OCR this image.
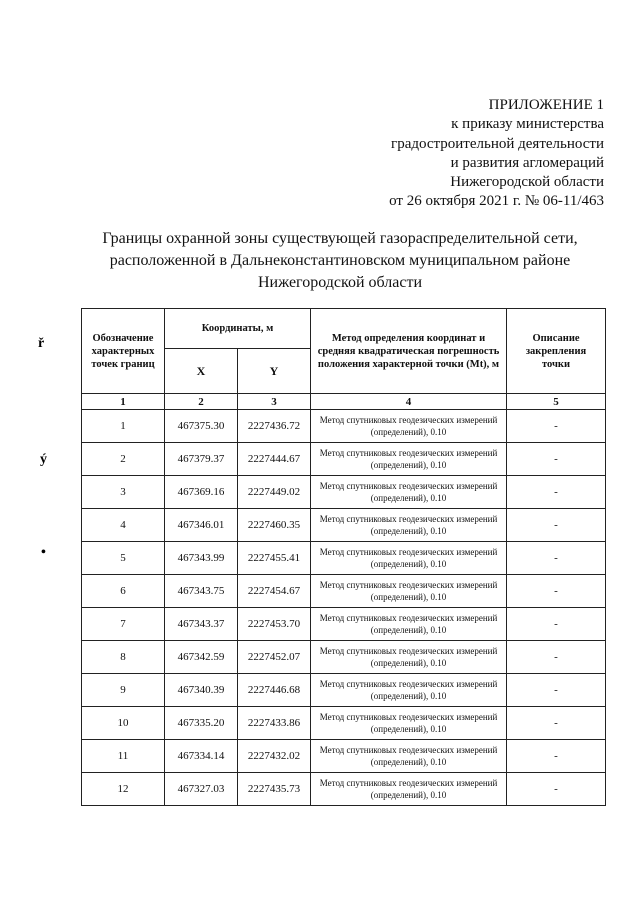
ПРИЛОЖЕНИЕ 1
к приказу министерства
градостроительной деятельности
и развития агломераций
Нижегородской области
от 26 октября 2021 г. № 06-11/463
Границы охранной зоны существующей газораспределительной сети,
расположенной в Дальнеконстантиновском муниципальном районе
Нижегородской области
ř
ý
•
Обозначение характерных точек границ	Координаты, м		Метод определения координат и средняя квадратическая погрешность положения характерной точки (Mt), м	Описание закрепления точки
	X	Y		
1	2	3	4	5
1	467375.30	2227436.72	Метод спутниковых геодезических измерений (определений), 0.10	-
2	467379.37	2227444.67	Метод спутниковых геодезических измерений (определений), 0.10	-
3	467369.16	2227449.02	Метод спутниковых геодезических измерений (определений), 0.10	-
4	467346.01	2227460.35	Метод спутниковых геодезических измерений (определений), 0.10	-
5	467343.99	2227455.41	Метод спутниковых геодезических измерений (определений), 0.10	-
6	467343.75	2227454.67	Метод спутниковых геодезических измерений (определений), 0.10	-
7	467343.37	2227453.70	Метод спутниковых геодезических измерений (определений), 0.10	-
8	467342.59	2227452.07	Метод спутниковых геодезических измерений (определений), 0.10	-
9	467340.39	2227446.68	Метод спутниковых геодезических измерений (определений), 0.10	-
10	467335.20	2227433.86	Метод спутниковых геодезических измерений (определений), 0.10	-
11	467334.14	2227432.02	Метод спутниковых геодезических измерений (определений), 0.10	-
12	467327.03	2227435.73	Метод спутниковых геодезических измерений (определений), 0.10	-
